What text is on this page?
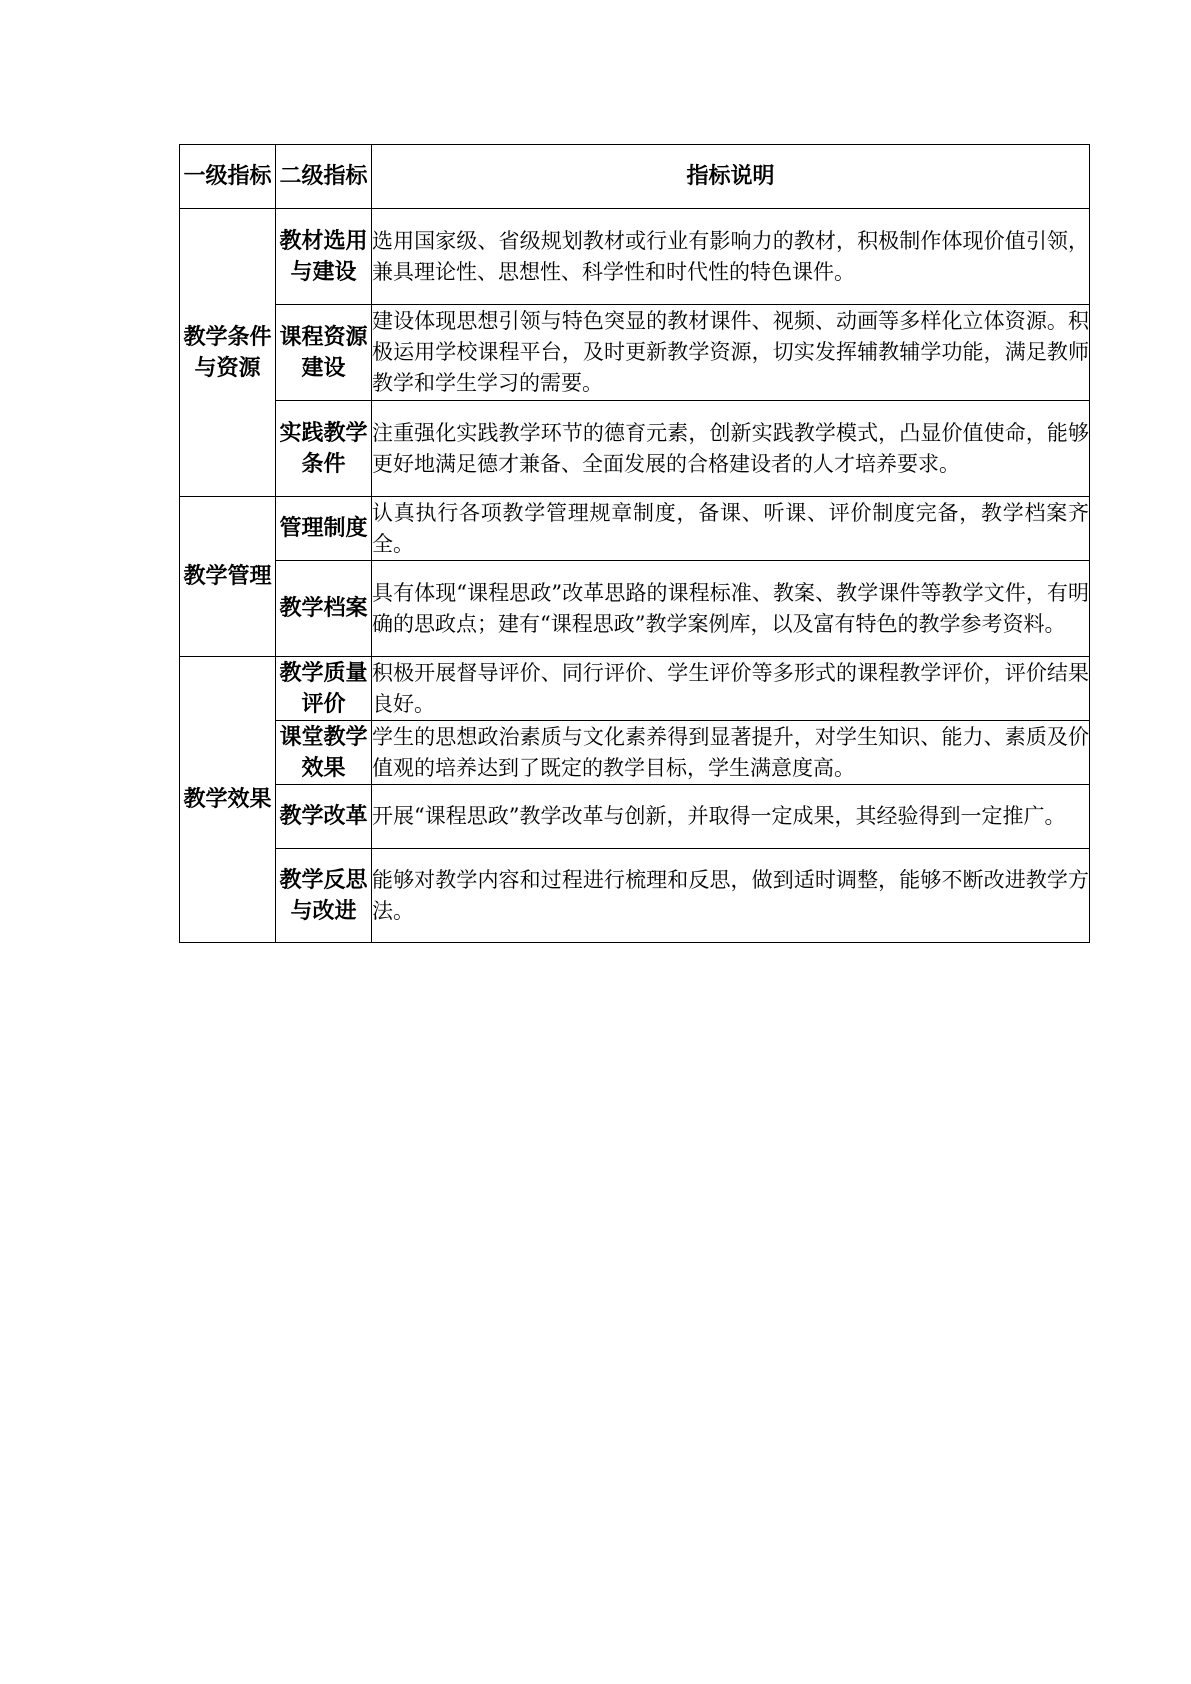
一级指标	二级指标	指标说明

教学条件与资源	教材选用与建设	选用国家级、省级规划教材或行业有影响力的教材，积极制作体现价值引领，兼具理论性、思想性、科学性和时代性的特色课件。

	课程资源建设	建设体现思想引领与特色突显的教材课件、视频、动画等多样化立体资源。积极运用学校课程平台，及时更新教学资源，切实发挥辅教辅学功能，满足教师教学和学生学习的需要。

	实践教学条件	注重强化实践教学环节的德育元素，创新实践教学模式，凸显价值使命，能够更好地满足德才兼备、全面发展的合格建设者的人才培养要求。

教学管理	管理制度	认真执行各项教学管理规章制度，备课、听课、评价制度完备，教学档案齐全。

	教学档案	具有体现“课程思政”改革思路的课程标准、教案、教学课件等教学文件，有明确的思政点；建有“课程思政”教学案例库，以及富有特色的教学参考资料。

教学效果	教学质量评价	积极开展督导评价、同行评价、学生评价等多形式的课程教学评价，评价结果良好。

	课堂教学效果	学生的思想政治素质与文化素养得到显著提升，对学生知识、能力、素质及价值观的培养达到了既定的教学目标，学生满意度高。

	教学改革	开展“课程思政”教学改革与创新，并取得一定成果，其经验得到一定推广。

	教学反思与改进	能够对教学内容和过程进行梳理和反思，做到适时调整，能够不断改进教学方法。
